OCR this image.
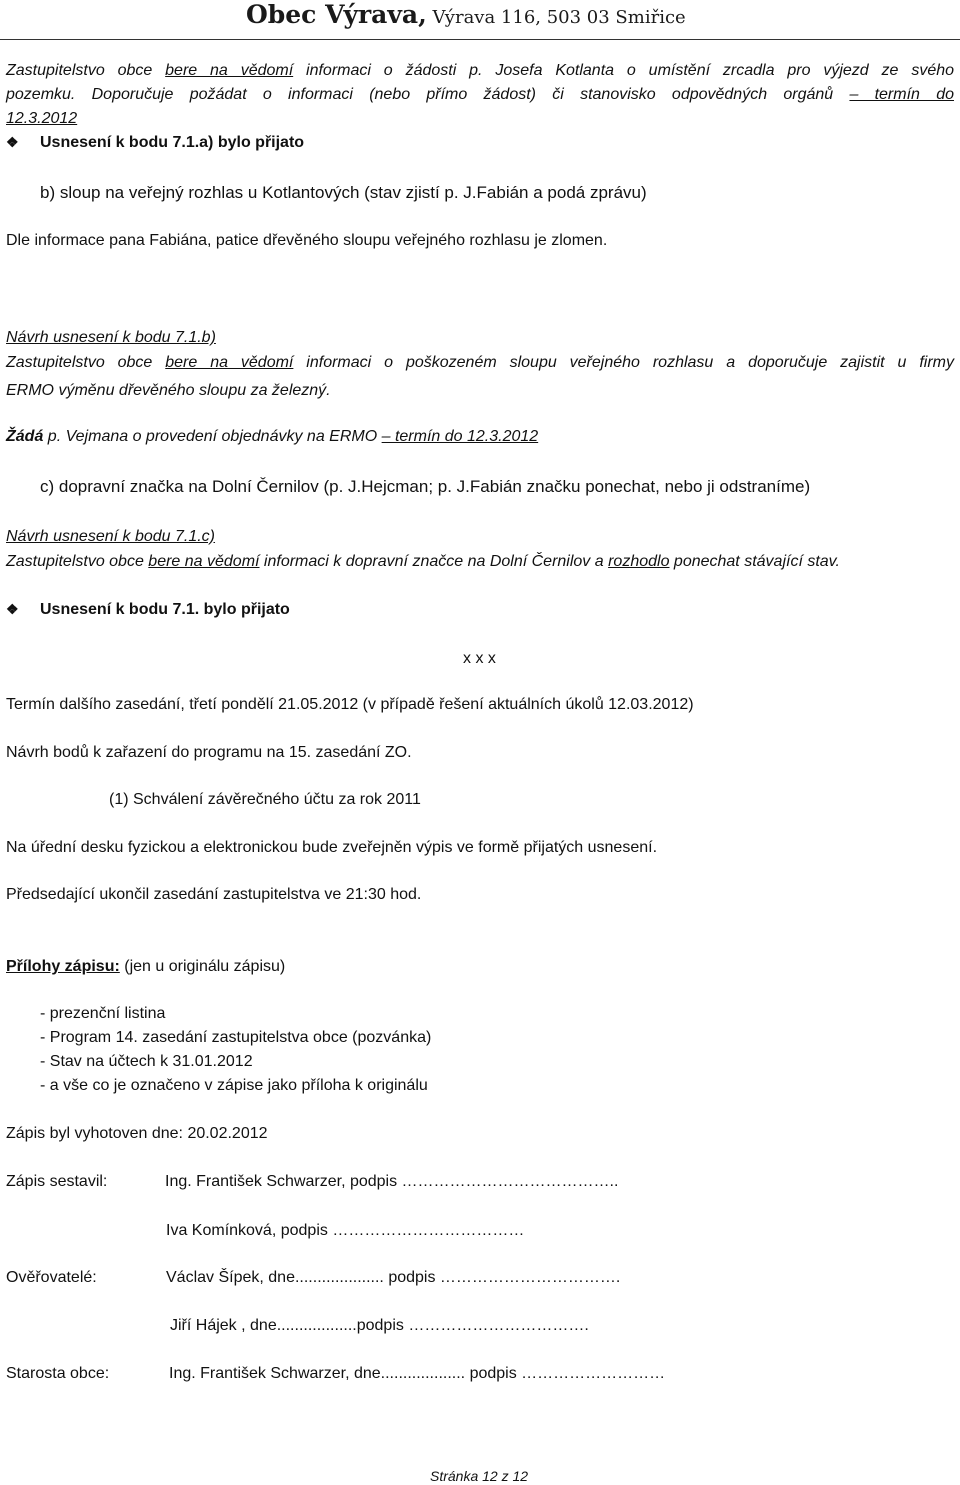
Obec Výrava, Výrava 116, 503 03 Smiřice
Zastupitelstvo obce bere na vědomí informaci o žádosti p. Josefa Kotlanta o umístění zrcadla pro výjezd ze svého
pozemku. Doporučuje požádat o informaci (nebo přímo žádost) či stanovisko odpovědných orgánů – termín do
12.3.2012
❖ Usnesení k bodu 7.1.a) bylo přijato
b) sloup na veřejný rozhlas u Kotlantových (stav zjistí p. J.Fabián a podá zprávu)
Dle informace pana Fabiána, patice dřevěného sloupu veřejného rozhlasu je zlomen.
Návrh usnesení k bodu 7.1.b)
Zastupitelstvo obce bere na vědomí informaci o poškozeném sloupu veřejného rozhlasu a doporučuje zajistit u firmy
ERMO výměnu dřevěného sloupu za železný.
Žádá p. Vejmana o provedení objednávky na ERMO – termín do 12.3.2012
c) dopravní značka na Dolní Černilov (p. J.Hejcman; p. J.Fabián značku ponechat, nebo ji odstraníme)
Návrh usnesení k bodu 7.1.c)
Zastupitelstvo obce bere na vědomí informaci k dopravní značce na Dolní Černilov a rozhodlo ponechat stávající stav.
❖ Usnesení k bodu 7.1. bylo přijato
x x x
Termín dalšího zasedání, třetí pondělí 21.05.2012 (v případě řešení aktuálních úkolů 12.03.2012)
Návrh bodů k zařazení do programu na 15. zasedání ZO.
(1) Schválení závěrečného účtu za rok 2011
Na úřední desku fyzickou a elektronickou bude zveřejněn výpis ve formě přijatých usnesení.
Předsedající ukončil zasedání zastupitelstva ve 21:30 hod.
Přílohy zápisu: (jen u originálu zápisu)
- prezenční listina
- Program 14. zasedání zastupitelstva obce (pozvánka)
- Stav na účtech k 31.01.2012
- a vše co je označeno v zápise jako příloha k originálu
Zápis byl vyhotoven dne: 20.02.2012
Zápis sestavil:	Ing. František Schwarzer, podpis …………………………………..
Iva Komínková, podpis ………………………………
Ověřovatelé:	Václav Šípek, dne.................... podpis …………………………….
Jiří Hájek , dne..................podpis …………………………….
Starosta obce:	Ing. František Schwarzer, dne................... podpis ………………………
Stránka 12 z 12
